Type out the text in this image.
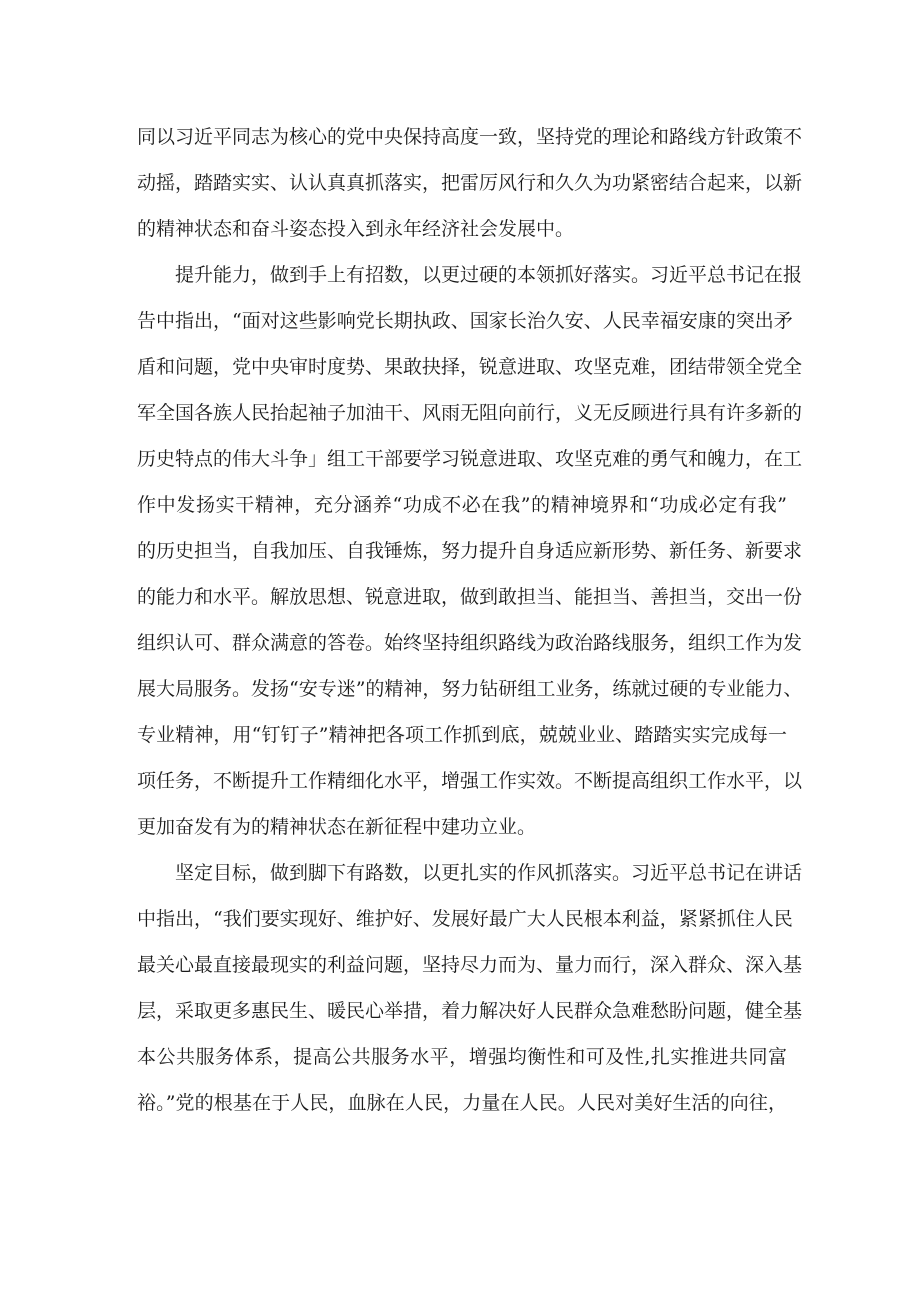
同以习近平同志为核心的党中央保持高度一致，坚持党的理论和路线方针政策不

动摇，踏踏实实、认认真真抓落实，把雷厉风行和久久为功紧密结合起来，以新

的精神状态和奋斗姿态投入到永年经济社会发展中。

提升能力，做到手上有招数，以更过硬的本领抓好落实。习近平总书记在报

告中指出，“面对这些影响党长期执政、国家长治久安、人民幸福安康的突出矛

盾和问题，党中央审时度势、果敢抉择，锐意进取、攻坚克难，团结带领全党全

军全国各族人民抬起袖子加油干、风雨无阻向前行，义无反顾进行具有许多新的

历史特点的伟大斗争」组工干部要学习锐意进取、攻坚克难的勇气和魄力，在工

作中发扬实干精神，充分涵养“功成不必在我”的精神境界和“功成必定有我”

的历史担当，自我加压、自我锤炼，努力提升自身适应新形势、新任务、新要求

的能力和水平。解放思想、锐意进取，做到敢担当、能担当、善担当，交出一份

组织认可、群众满意的答卷。始终坚持组织路线为政治路线服务，组织工作为发

展大局服务。发扬“安专迷”的精神，努力钻研组工业务，练就过硬的专业能力、

专业精神，用“钉钉子”精神把各项工作抓到底，兢兢业业、踏踏实实完成每一

项任务，不断提升工作精细化水平，增强工作实效。不断提高组织工作水平，以

更加奋发有为的精神状态在新征程中建功立业。

坚定目标，做到脚下有路数，以更扎实的作风抓落实。习近平总书记在讲话

中指出，“我们要实现好、维护好、发展好最广大人民根本利益，紧紧抓住人民

最关心最直接最现实的利益问题，坚持尽力而为、量力而行，深入群众、深入基

层，采取更多惠民生、暖民心举措，着力解决好人民群众急难愁盼问题，健全基

本公共服务体系，提高公共服务水平，增强均衡性和可及性,扎实推进共同富

裕。”党的根基在于人民，血脉在人民，力量在人民。人民对美好生活的向往，
